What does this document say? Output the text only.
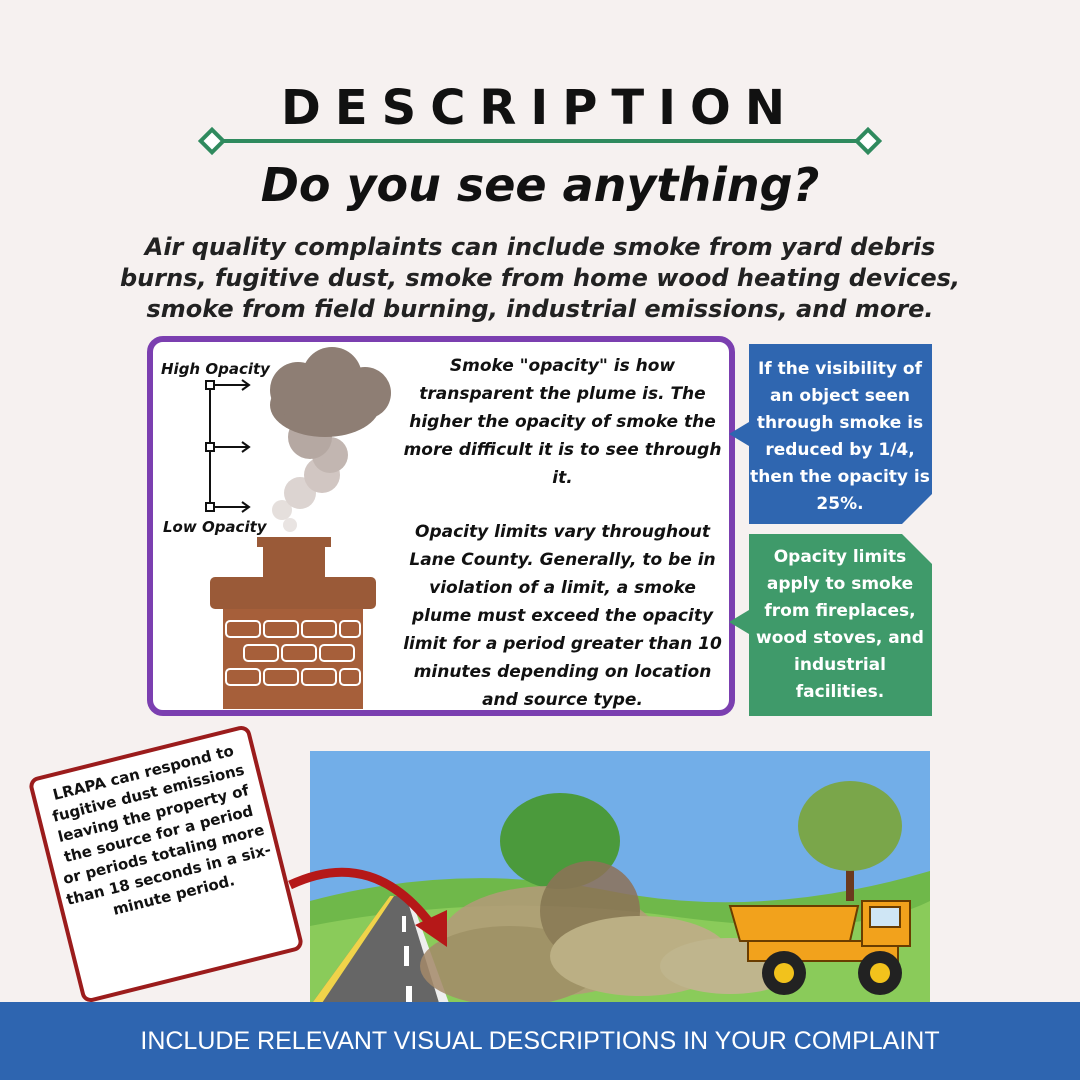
DESCRIPTION
Do you see anything?
Air quality complaints can include smoke from yard debris burns, fugitive dust, smoke from home wood heating devices, smoke from field burning, industrial emissions, and more.
High Opacity
Low Opacity
Smoke "opacity" is how transparent the plume is. The higher the opacity of smoke the more difficult it is to see through it.
Opacity limits vary throughout Lane County. Generally, to be in violation of a limit, a smoke plume must exceed the opacity limit for a period greater than 10 minutes depending on location and source type.
If the visibility of an object seen through smoke is reduced by 1/4, then the opacity is 25%.
Opacity limits apply to smoke from fireplaces, wood stoves, and industrial facilities.
LRAPA can respond to fugitive dust emissions leaving the property of the source for a period or periods totaling more than 18 seconds in a six-minute period.
INCLUDE RELEVANT VISUAL DESCRIPTIONS IN YOUR COMPLAINT
